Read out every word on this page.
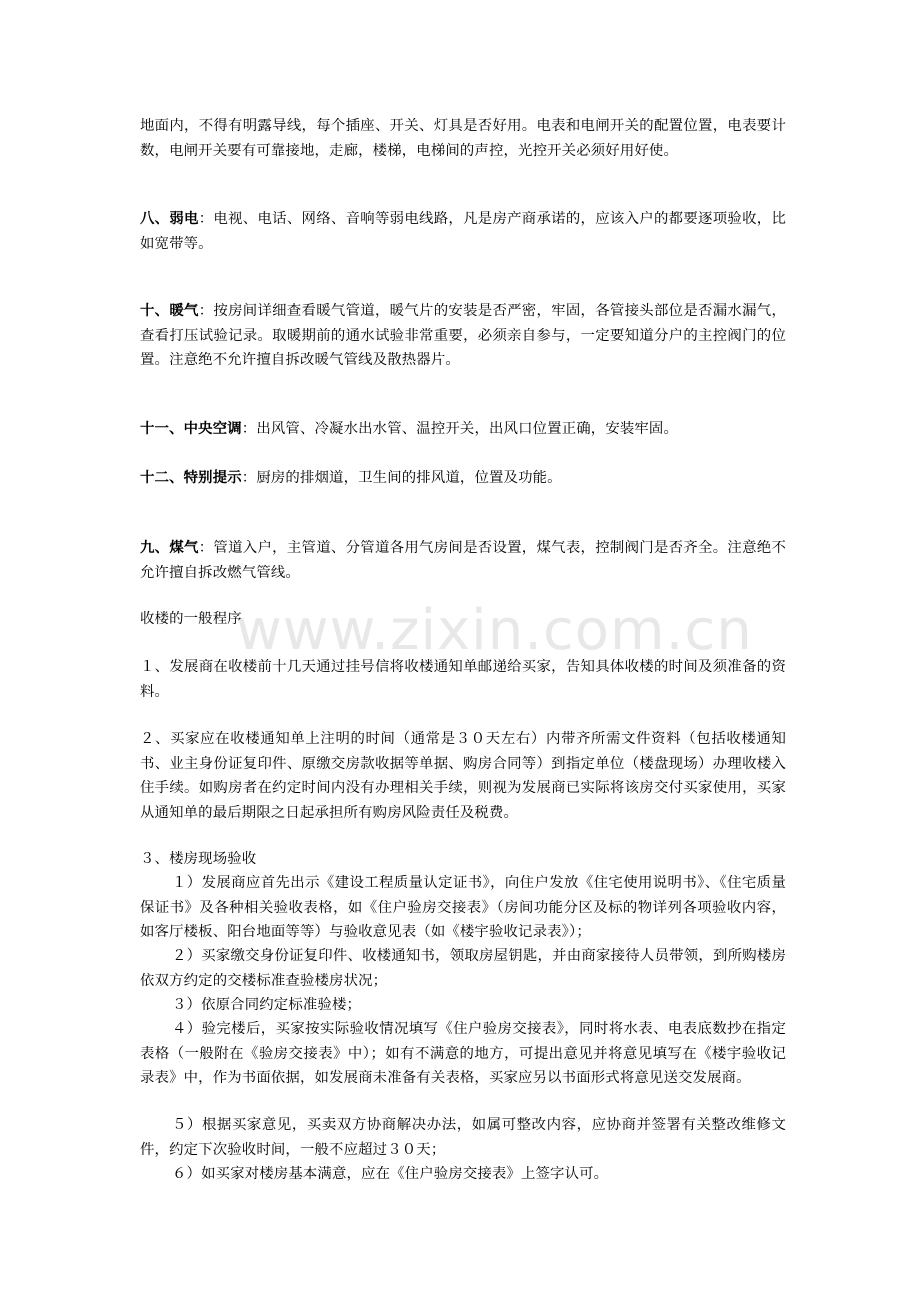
www.zixin.com.cn

地面内，不得有明露导线，每个插座、开关、灯具是否好用。电表和电闸开关的配置位置，电表要计数，电闸开关要有可靠接地，走廊，楼梯，电梯间的声控，光控开关必须好用好使。

八、弱电：电视、电话、网络、音响等弱电线路，凡是房产商承诺的，应该入户的都要逐项验收，比如宽带等。

十、暖气：按房间详细查看暖气管道，暖气片的安装是否严密，牢固，各管接头部位是否漏水漏气，查看打压试验记录。取暖期前的通水试验非常重要，必须亲自参与，一定要知道分户的主控阀门的位置。注意绝不允许擅自拆改暖气管线及散热器片。

十一、中央空调：出风管、冷凝水出水管、温控开关，出风口位置正确，安装牢固。

十二、特别提示：厨房的排烟道，卫生间的排风道，位置及功能。

九、煤气：管道入户，主管道、分管道各用气房间是否设置，煤气表，控制阀门是否齐全。注意绝不允许擅自拆改燃气管线。

收楼的一般程序

１、发展商在收楼前十几天通过挂号信将收楼通知单邮递给买家，告知具体收楼的时间及须准备的资料。

２、买家应在收楼通知单上注明的时间（通常是３０天左右）内带齐所需文件资料（包括收楼通知书、业主身份证复印件、原缴交房款收据等单据、购房合同等）到指定单位（楼盘现场）办理收楼入住手续。如购房者在约定时间内没有办理相关手续，则视为发展商已实际将该房交付买家使用，买家从通知单的最后期限之日起承担所有购房风险责任及税费。

３、楼房现场验收

１）发展商应首先出示《建设工程质量认定证书》，向住户发放《住宅使用说明书》、《住宅质量保证书》及各种相关验收表格，如《住户验房交接表》（房间功能分区及标的物详列各项验收内容，如客厅楼板、阳台地面等等）与验收意见表（如《楼宇验收记录表》）；

２）买家缴交身份证复印件、收楼通知书，领取房屋钥匙，并由商家接待人员带领，到所购楼房依双方约定的交楼标准查验楼房状况；

３）依原合同约定标准验楼；

４）验完楼后，买家按实际验收情况填写《住户验房交接表》，同时将水表、电表底数抄在指定表格（一般附在《验房交接表》中）；如有不满意的地方，可提出意见并将意见填写在《楼宇验收记录表》中，作为书面依据，如发展商未准备有关表格，买家应另以书面形式将意见送交发展商。

５）根据买家意见，买卖双方协商解决办法，如属可整改内容，应协商并签署有关整改维修文件，约定下次验收时间，一般不应超过３０天；

６）如买家对楼房基本满意，应在《住户验房交接表》上签字认可。
